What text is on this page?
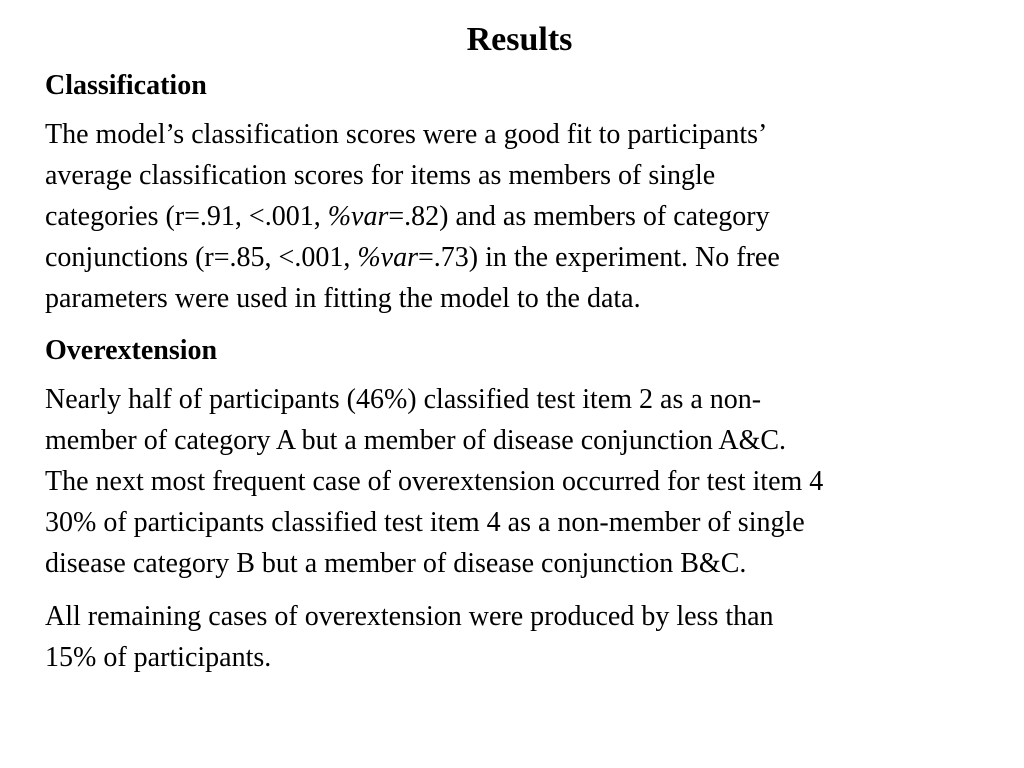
Results
Classification
The model’s classification scores were a good fit to participants’
average classification scores for items as members of single
categories (r=.91, <.001, %var=.82) and as members of category
conjunctions (r=.85, <.001, %var=.73) in the experiment. No free
parameters were used in fitting the model to the data.
Overextension
Nearly half of participants (46%) classified test item 2 as a non-
member of category A but a member of disease conjunction A&C.
The next most frequent case of overextension occurred for test item 4
30% of participants classified test item 4 as a non-member of single
disease category B but a member of disease conjunction B&C.
All remaining cases of overextension were produced by less than
15% of participants.
